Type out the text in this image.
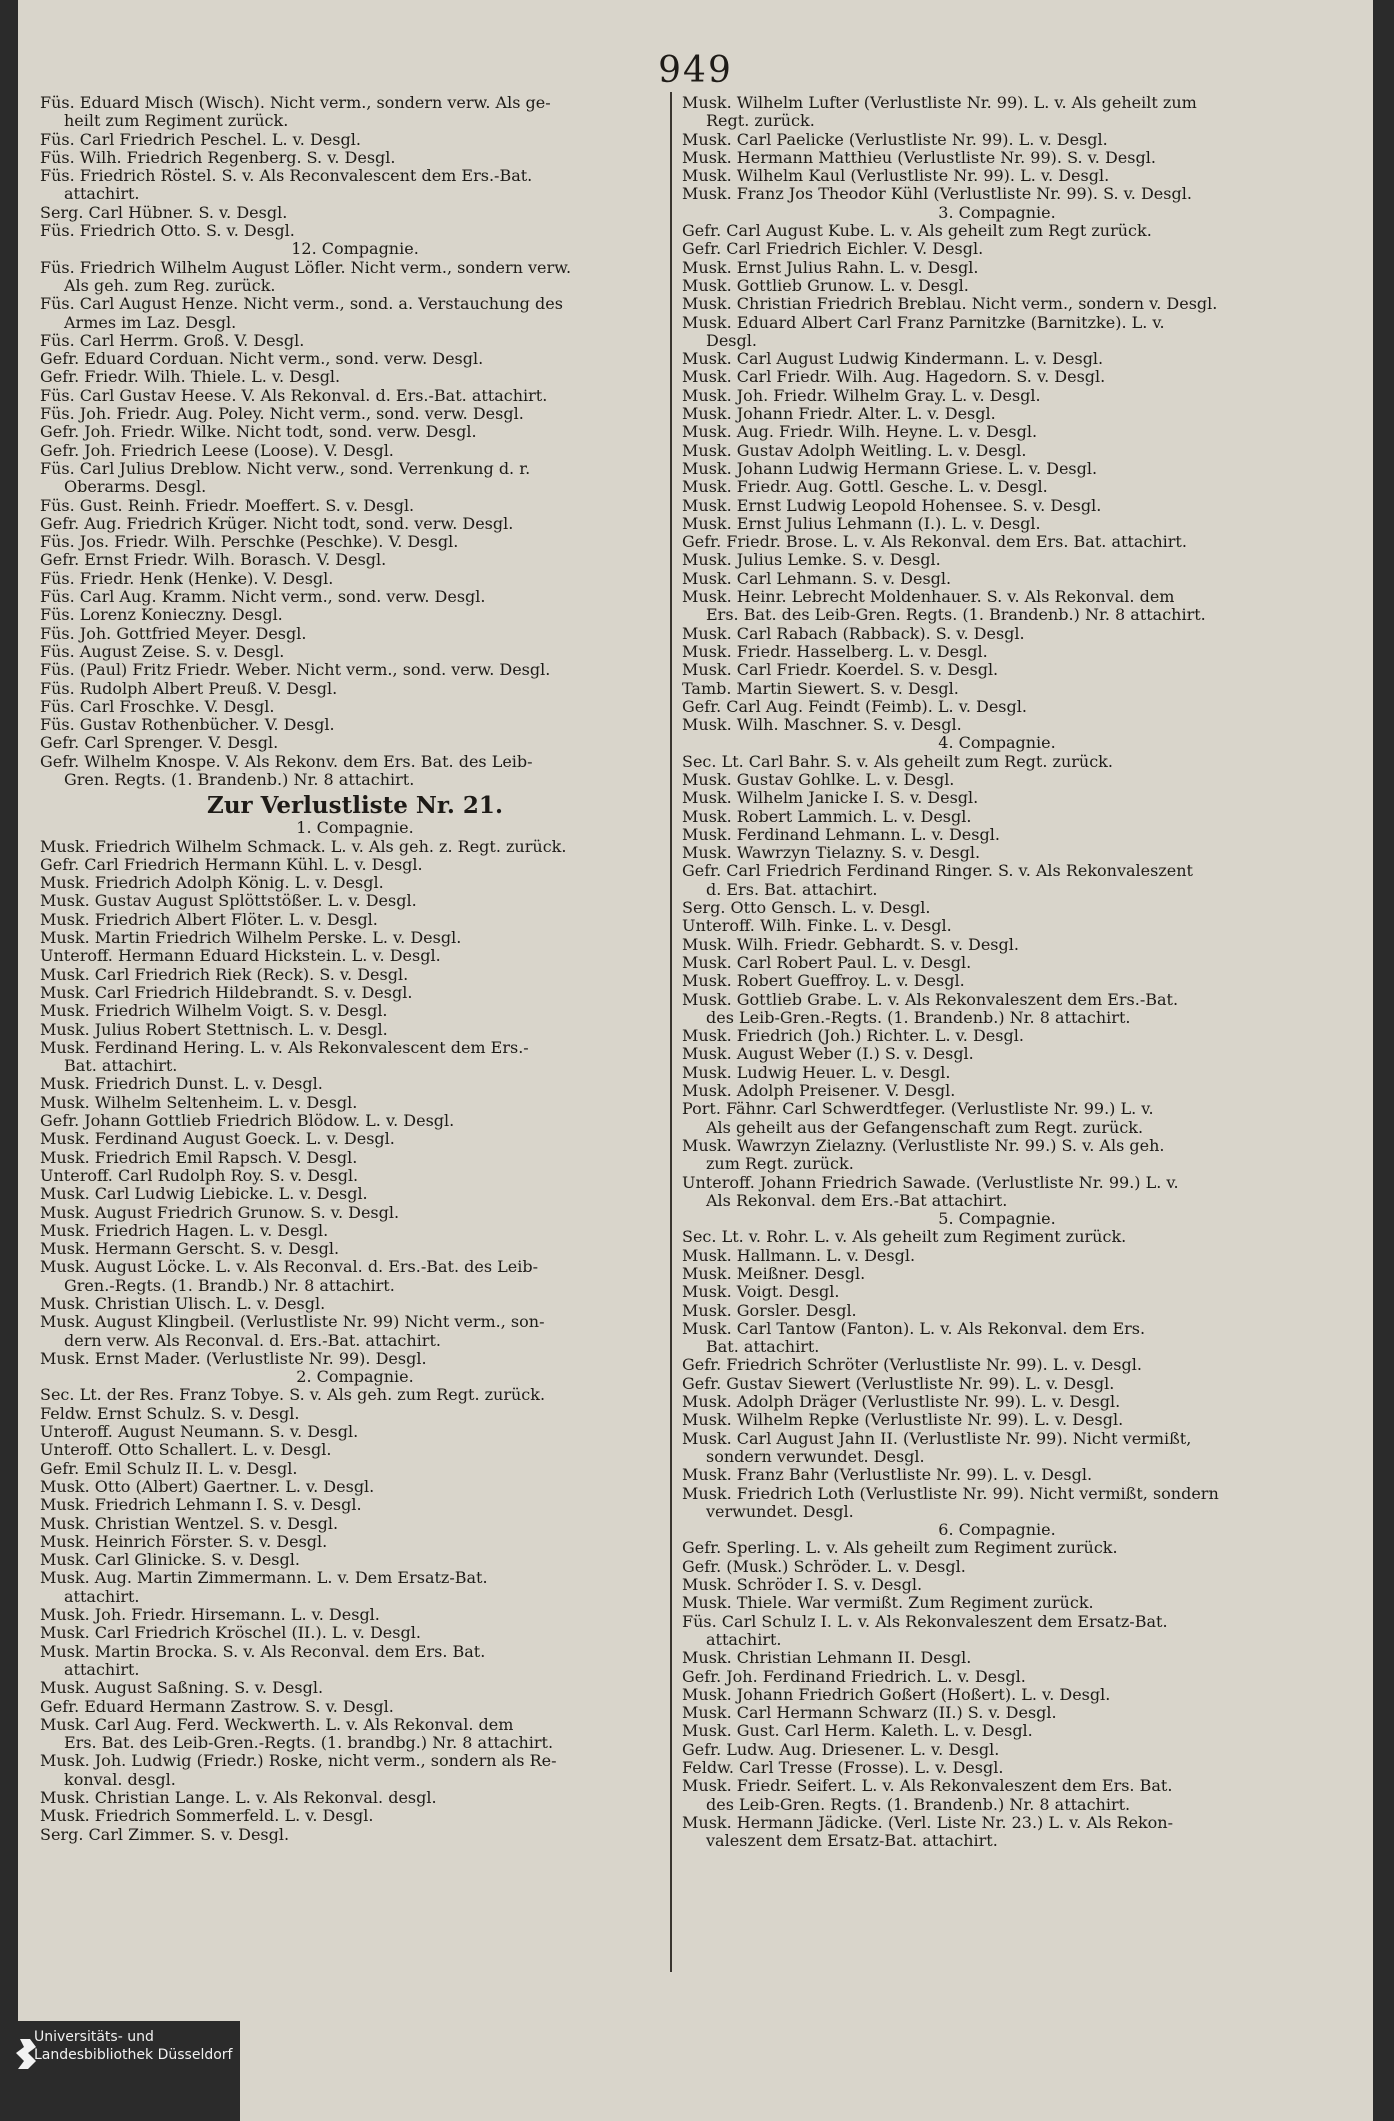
949
Füs. Eduard Misch (Wisch). Nicht verm., sondern verw. Als ge-
heilt zum Regiment zurück.
Füs. Carl Friedrich Peschel. L. v. Desgl.
Füs. Wilh. Friedrich Regenberg. S. v. Desgl.
Füs. Friedrich Röstel. S. v. Als Reconvalescent dem Ers.-Bat.
attachirt.
Serg. Carl Hübner. S. v. Desgl.
Füs. Friedrich Otto. S. v. Desgl.
12. Compagnie.
Füs. Friedrich Wilhelm August Löfler. Nicht verm., sondern verw.
Als geh. zum Reg. zurück.
Füs. Carl August Henze. Nicht verm., sond. a. Verstauchung des
Armes im Laz. Desgl.
Füs. Carl Herrm. Groß. V. Desgl.
Gefr. Eduard Corduan. Nicht verm., sond. verw. Desgl.
Gefr. Friedr. Wilh. Thiele. L. v. Desgl.
Füs. Carl Gustav Heese. V. Als Rekonval. d. Ers.-Bat. attachirt.
Füs. Joh. Friedr. Aug. Poley. Nicht verm., sond. verw. Desgl.
Gefr. Joh. Friedr. Wilke. Nicht todt, sond. verw. Desgl.
Gefr. Joh. Friedrich Leese (Loose). V. Desgl.
Füs. Carl Julius Dreblow. Nicht verw., sond. Verrenkung d. r.
Oberarms. Desgl.
Füs. Gust. Reinh. Friedr. Moeffert. S. v. Desgl.
Gefr. Aug. Friedrich Krüger. Nicht todt, sond. verw. Desgl.
Füs. Jos. Friedr. Wilh. Perschke (Peschke). V. Desgl.
Gefr. Ernst Friedr. Wilh. Borasch. V. Desgl.
Füs. Friedr. Henk (Henke). V. Desgl.
Füs. Carl Aug. Kramm. Nicht verm., sond. verw. Desgl.
Füs. Lorenz Konieczny. Desgl.
Füs. Joh. Gottfried Meyer. Desgl.
Füs. August Zeise. S. v. Desgl.
Füs. (Paul) Fritz Friedr. Weber. Nicht verm., sond. verw. Desgl.
Füs. Rudolph Albert Preuß. V. Desgl.
Füs. Carl Froschke. V. Desgl.
Füs. Gustav Rothenbücher. V. Desgl.
Gefr. Carl Sprenger. V. Desgl.
Gefr. Wilhelm Knospe. V. Als Rekonv. dem Ers. Bat. des Leib-
Gren. Regts. (1. Brandenb.) Nr. 8 attachirt.
Zur Verlustliste Nr. 21.
1. Compagnie.
Musk. Friedrich Wilhelm Schmack. L. v. Als geh. z. Regt. zurück.
Gefr. Carl Friedrich Hermann Kühl. L. v. Desgl.
Musk. Friedrich Adolph König. L. v. Desgl.
Musk. Gustav August Splöttstößer. L. v. Desgl.
Musk. Friedrich Albert Flöter. L. v. Desgl.
Musk. Martin Friedrich Wilhelm Perske. L. v. Desgl.
Unteroff. Hermann Eduard Hickstein. L. v. Desgl.
Musk. Carl Friedrich Riek (Reck). S. v. Desgl.
Musk. Carl Friedrich Hildebrandt. S. v. Desgl.
Musk. Friedrich Wilhelm Voigt. S. v. Desgl.
Musk. Julius Robert Stettnisch. L. v. Desgl.
Musk. Ferdinand Hering. L. v. Als Rekonvalescent dem Ers.-
Bat. attachirt.
Musk. Friedrich Dunst. L. v. Desgl.
Musk. Wilhelm Seltenheim. L. v. Desgl.
Gefr. Johann Gottlieb Friedrich Blödow. L. v. Desgl.
Musk. Ferdinand August Goeck. L. v. Desgl.
Musk. Friedrich Emil Rapsch. V. Desgl.
Unteroff. Carl Rudolph Roy. S. v. Desgl.
Musk. Carl Ludwig Liebicke. L. v. Desgl.
Musk. August Friedrich Grunow. S. v. Desgl.
Musk. Friedrich Hagen. L. v. Desgl.
Musk. Hermann Gerscht. S. v. Desgl.
Musk. August Löcke. L. v. Als Reconval. d. Ers.-Bat. des Leib-
Gren.-Regts. (1. Brandb.) Nr. 8 attachirt.
Musk. Christian Ulisch. L. v. Desgl.
Musk. August Klingbeil. (Verlustliste Nr. 99) Nicht verm., son-
dern verw. Als Reconval. d. Ers.-Bat. attachirt.
Musk. Ernst Mader. (Verlustliste Nr. 99). Desgl.
2. Compagnie.
Sec. Lt. der Res. Franz Tobye. S. v. Als geh. zum Regt. zurück.
Feldw. Ernst Schulz. S. v. Desgl.
Unteroff. August Neumann. S. v. Desgl.
Unteroff. Otto Schallert. L. v. Desgl.
Gefr. Emil Schulz II. L. v. Desgl.
Musk. Otto (Albert) Gaertner. L. v. Desgl.
Musk. Friedrich Lehmann I. S. v. Desgl.
Musk. Christian Wentzel. S. v. Desgl.
Musk. Heinrich Förster. S. v. Desgl.
Musk. Carl Glinicke. S. v. Desgl.
Musk. Aug. Martin Zimmermann. L. v. Dem Ersatz-Bat.
attachirt.
Musk. Joh. Friedr. Hirsemann. L. v. Desgl.
Musk. Carl Friedrich Kröschel (II.). L. v. Desgl.
Musk. Martin Brocka. S. v. Als Reconval. dem Ers. Bat.
attachirt.
Musk. August Saßning. S. v. Desgl.
Gefr. Eduard Hermann Zastrow. S. v. Desgl.
Musk. Carl Aug. Ferd. Weckwerth. L. v. Als Rekonval. dem
Ers. Bat. des Leib-Gren.-Regts. (1. brandbg.) Nr. 8 attachirt.
Musk. Joh. Ludwig (Friedr.) Roske, nicht verm., sondern als Re-
konval. desgl.
Musk. Christian Lange. L. v. Als Rekonval. desgl.
Musk. Friedrich Sommerfeld. L. v. Desgl.
Serg. Carl Zimmer. S. v. Desgl.
Musk. Wilhelm Lufter (Verlustliste Nr. 99). L. v. Als geheilt zum
Regt. zurück.
Musk. Carl Paelicke (Verlustliste Nr. 99). L. v. Desgl.
Musk. Hermann Matthieu (Verlustliste Nr. 99). S. v. Desgl.
Musk. Wilhelm Kaul (Verlustliste Nr. 99). L. v. Desgl.
Musk. Franz Jos Theodor Kühl (Verlustliste Nr. 99). S. v. Desgl.
3. Compagnie.
Gefr. Carl August Kube. L. v. Als geheilt zum Regt zurück.
Gefr. Carl Friedrich Eichler. V. Desgl.
Musk. Ernst Julius Rahn. L. v. Desgl.
Musk. Gottlieb Grunow. L. v. Desgl.
Musk. Christian Friedrich Breblau. Nicht verm., sondern v. Desgl.
Musk. Eduard Albert Carl Franz Parnitzke (Barnitzke). L. v.
Desgl.
Musk. Carl August Ludwig Kindermann. L. v. Desgl.
Musk. Carl Friedr. Wilh. Aug. Hagedorn. S. v. Desgl.
Musk. Joh. Friedr. Wilhelm Gray. L. v. Desgl.
Musk. Johann Friedr. Alter. L. v. Desgl.
Musk. Aug. Friedr. Wilh. Heyne. L. v. Desgl.
Musk. Gustav Adolph Weitling. L. v. Desgl.
Musk. Johann Ludwig Hermann Griese. L. v. Desgl.
Musk. Friedr. Aug. Gottl. Gesche. L. v. Desgl.
Musk. Ernst Ludwig Leopold Hohensee. S. v. Desgl.
Musk. Ernst Julius Lehmann (I.). L. v. Desgl.
Gefr. Friedr. Brose. L. v. Als Rekonval. dem Ers. Bat. attachirt.
Musk. Julius Lemke. S. v. Desgl.
Musk. Carl Lehmann. S. v. Desgl.
Musk. Heinr. Lebrecht Moldenhauer. S. v. Als Rekonval. dem
Ers. Bat. des Leib-Gren. Regts. (1. Brandenb.) Nr. 8 attachirt.
Musk. Carl Rabach (Rabback). S. v. Desgl.
Musk. Friedr. Hasselberg. L. v. Desgl.
Musk. Carl Friedr. Koerdel. S. v. Desgl.
Tamb. Martin Siewert. S. v. Desgl.
Gefr. Carl Aug. Feindt (Feimb). L. v. Desgl.
Musk. Wilh. Maschner. S. v. Desgl.
4. Compagnie.
Sec. Lt. Carl Bahr. S. v. Als geheilt zum Regt. zurück.
Musk. Gustav Gohlke. L. v. Desgl.
Musk. Wilhelm Janicke I. S. v. Desgl.
Musk. Robert Lammich. L. v. Desgl.
Musk. Ferdinand Lehmann. L. v. Desgl.
Musk. Wawrzyn Tielazny. S. v. Desgl.
Gefr. Carl Friedrich Ferdinand Ringer. S. v. Als Rekonvaleszent
d. Ers. Bat. attachirt.
Serg. Otto Gensch. L. v. Desgl.
Unteroff. Wilh. Finke. L. v. Desgl.
Musk. Wilh. Friedr. Gebhardt. S. v. Desgl.
Musk. Carl Robert Paul. L. v. Desgl.
Musk. Robert Gueffroy. L. v. Desgl.
Musk. Gottlieb Grabe. L. v. Als Rekonvaleszent dem Ers.-Bat.
des Leib-Gren.-Regts. (1. Brandenb.) Nr. 8 attachirt.
Musk. Friedrich (Joh.) Richter. L. v. Desgl.
Musk. August Weber (I.) S. v. Desgl.
Musk. Ludwig Heuer. L. v. Desgl.
Musk. Adolph Preisener. V. Desgl.
Port. Fähnr. Carl Schwerdtfeger. (Verlustliste Nr. 99.) L. v.
Als geheilt aus der Gefangenschaft zum Regt. zurück.
Musk. Wawrzyn Zielazny. (Verlustliste Nr. 99.) S. v. Als geh.
zum Regt. zurück.
Unteroff. Johann Friedrich Sawade. (Verlustliste Nr. 99.) L. v.
Als Rekonval. dem Ers.-Bat attachirt.
5. Compagnie.
Sec. Lt. v. Rohr. L. v. Als geheilt zum Regiment zurück.
Musk. Hallmann. L. v. Desgl.
Musk. Meißner. Desgl.
Musk. Voigt. Desgl.
Musk. Gorsler. Desgl.
Musk. Carl Tantow (Fanton). L. v. Als Rekonval. dem Ers.
Bat. attachirt.
Gefr. Friedrich Schröter (Verlustliste Nr. 99). L. v. Desgl.
Gefr. Gustav Siewert (Verlustliste Nr. 99). L. v. Desgl.
Musk. Adolph Dräger (Verlustliste Nr. 99). L. v. Desgl.
Musk. Wilhelm Repke (Verlustliste Nr. 99). L. v. Desgl.
Musk. Carl August Jahn II. (Verlustliste Nr. 99). Nicht vermißt,
sondern verwundet. Desgl.
Musk. Franz Bahr (Verlustliste Nr. 99). L. v. Desgl.
Musk. Friedrich Loth (Verlustliste Nr. 99). Nicht vermißt, sondern
verwundet. Desgl.
6. Compagnie.
Gefr. Sperling. L. v. Als geheilt zum Regiment zurück.
Gefr. (Musk.) Schröder. L. v. Desgl.
Musk. Schröder I. S. v. Desgl.
Musk. Thiele. War vermißt. Zum Regiment zurück.
Füs. Carl Schulz I. L. v. Als Rekonvaleszent dem Ersatz-Bat.
attachirt.
Musk. Christian Lehmann II. Desgl.
Gefr. Joh. Ferdinand Friedrich. L. v. Desgl.
Musk. Johann Friedrich Goßert (Hoßert). L. v. Desgl.
Musk. Carl Hermann Schwarz (II.) S. v. Desgl.
Musk. Gust. Carl Herm. Kaleth. L. v. Desgl.
Gefr. Ludw. Aug. Driesener. L. v. Desgl.
Feldw. Carl Tresse (Frosse). L. v. Desgl.
Musk. Friedr. Seifert. L. v. Als Rekonvaleszent dem Ers. Bat.
des Leib-Gren. Regts. (1. Brandenb.) Nr. 8 attachirt.
Musk. Hermann Jädicke. (Verl. Liste Nr. 23.) L. v. Als Rekon-
valeszent dem Ersatz-Bat. attachirt.
Universitäts- und
Landesbibliothek Düsseldorf
